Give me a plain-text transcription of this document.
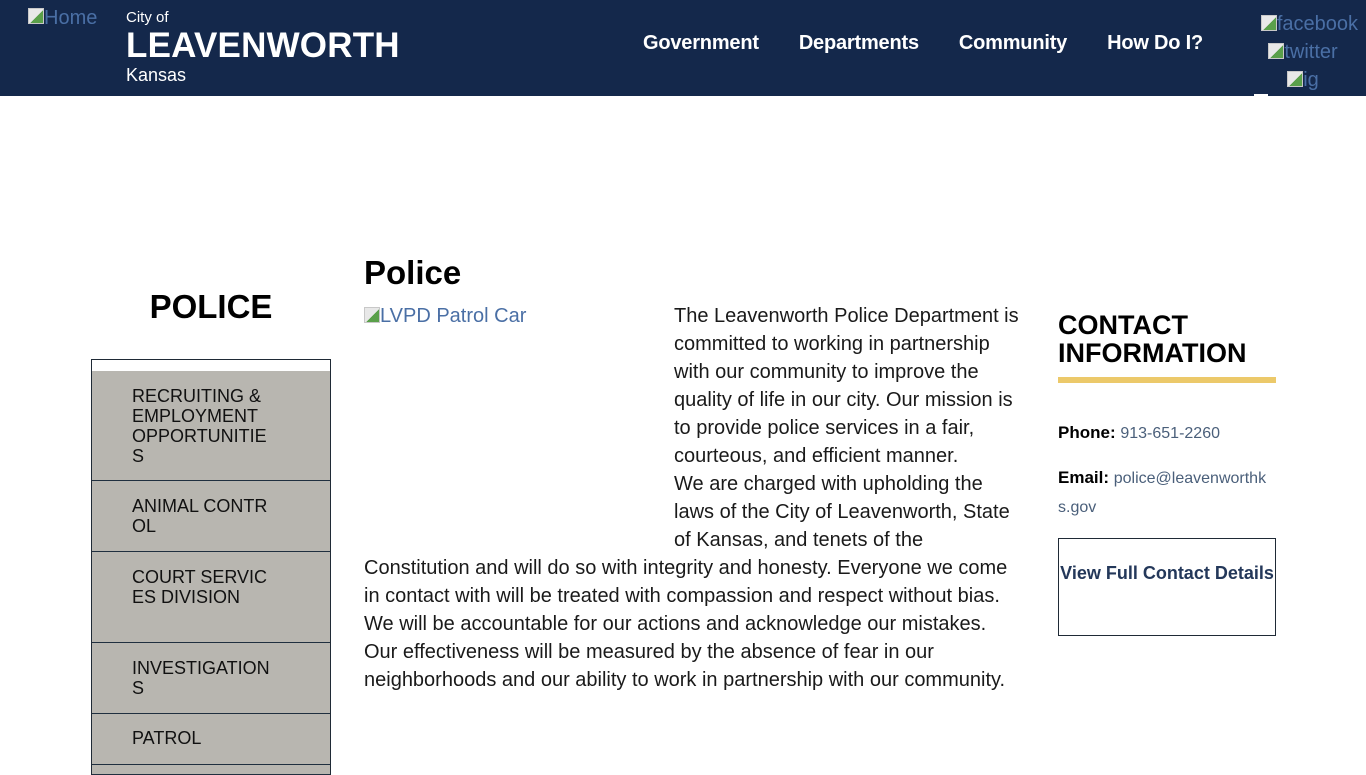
Home City of
LEAVENWORTH
Kansas
Government Departments Community How Do I?
facebook
twitter
ig
POLICE
RECRUITING & EMPLOYMENT OPPORTUNITIES
ANIMAL CONTROL
COURT SERVICES DIVISION
INVESTIGATIONS
PATROL
Police
LVPD Patrol Car	The Leavenworth Police Department is committed to working in partnership with our community to improve the quality of life in our city. Our mission is to provide police services in a fair, courteous, and efficient manner.
We are charged with upholding the laws of the City of Leavenworth, State of Kansas, and tenets of the Constitution and will do so with integrity and honesty. Everyone we come in contact with will be treated with compassion and respect without bias. We will be accountable for our actions and acknowledge our mistakes. Our effectiveness will be measured by the absence of fear in our neighborhoods and our ability to work in partnership with our community.
CONTACT INFORMATION
Phone: 913-651-2260
Email: police@leavenworthks.gov
View Full Contact Details
